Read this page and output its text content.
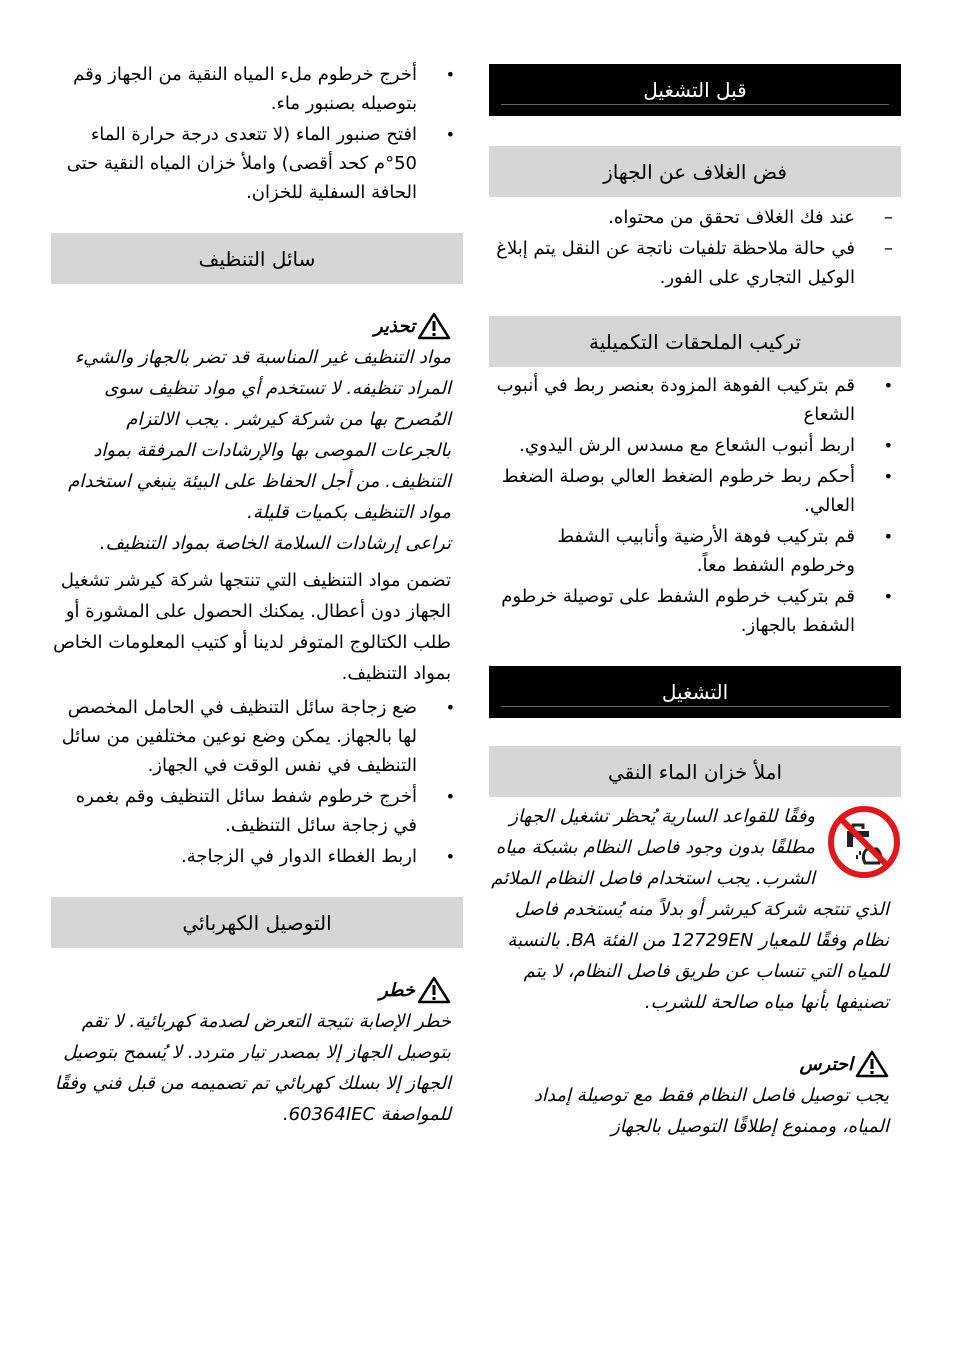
قبل التشغيل
فض الغلاف عن الجهاز
– عند فك الغلاف تحقق من محتواه.
– في حالة ملاحظة تلفيات ناتجة عن النقل يتم إبلاغ الوكيل التجاري على الفور.
تركيب الملحقات التكميلية
• قم بتركيب الفوهة المزودة بعنصر ربط في أنبوب الشعاع
• اربط أنبوب الشعاع مع مسدس الرش اليدوي.
• أحكم ربط خرطوم الضغط العالي بوصلة الضغط العالي.
• قم بتركيب فوهة الأرضية وأنابيب الشفط وخرطوم الشفط معاً.
• قم بتركيب خرطوم الشفط على توصيلة خرطوم الشفط بالجهاز.
التشغيل
املأ خزان الماء النقي
وفقًا للقواعد السارية يُحظر تشغيل الجهاز مطلقًا بدون وجود فاصل النظام بشبكة مياه الشرب. يجب استخدام فاصل النظام الملائم الذي تنتجه شركة كيرشر أو بدلاً منه يُستخدم فاصل نظام وفقًا للمعيار 12729EN من الفئة BA. بالنسبة للمياه التي تنساب عن طريق فاصل النظام، لا يتم تصنيفها بأنها مياه صالحة للشرب.
احترس
يجب توصيل فاصل النظام فقط مع توصيلة إمداد المياه، وممنوع إطلاقًا التوصيل بالجهاز
• أخرج خرطوم ملء المياه النقية من الجهاز وقم بتوصيله بصنبور ماء.
• افتح صنبور الماء (لا تتعدى درجة حرارة الماء 50°م كحد أقصى) واملأ خزان المياه النقية حتى الحافة السفلية للخزان.
سائل التنظيف
تحذير
مواد التنظيف غير المناسبة قد تضر بالجهاز والشيء المراد تنظيفه. لا تستخدم أي مواد تنظيف سوى المُصرح بها من شركة كيرشر . يجب الالتزام بالجرعات الموصى بها والإرشادات المرفقة بمواد التنظيف. من أجل الحفاظ على البيئة ينبغي استخدام مواد التنظيف بكميات قليلة.
تراعى إرشادات السلامة الخاصة بمواد التنظيف.
تضمن مواد التنظيف التي تنتجها شركة كيرشر تشغيل الجهاز دون أعطال. يمكنك الحصول على المشورة أو طلب الكتالوج المتوفر لدينا أو كتيب المعلومات الخاص بمواد التنظيف.
• ضع زجاجة سائل التنظيف في الحامل المخصص لها بالجهاز. يمكن وضع نوعين مختلفين من سائل التنظيف في نفس الوقت في الجهاز.
• أخرج خرطوم شفط سائل التنظيف وقم بغمره في زجاجة سائل التنظيف.
• اربط الغطاء الدوار في الزجاجة.
التوصيل الكهربائي
خطر
خطر الإصابة نتيجة التعرض لصدمة كهربائية. لا تقم بتوصيل الجهاز إلا بمصدر تيار متردد. لا يُسمح بتوصيل الجهاز إلا بسلك كهربائي تم تصميمه من قبل فني وفقًا للمواصفة 60364IEC.
